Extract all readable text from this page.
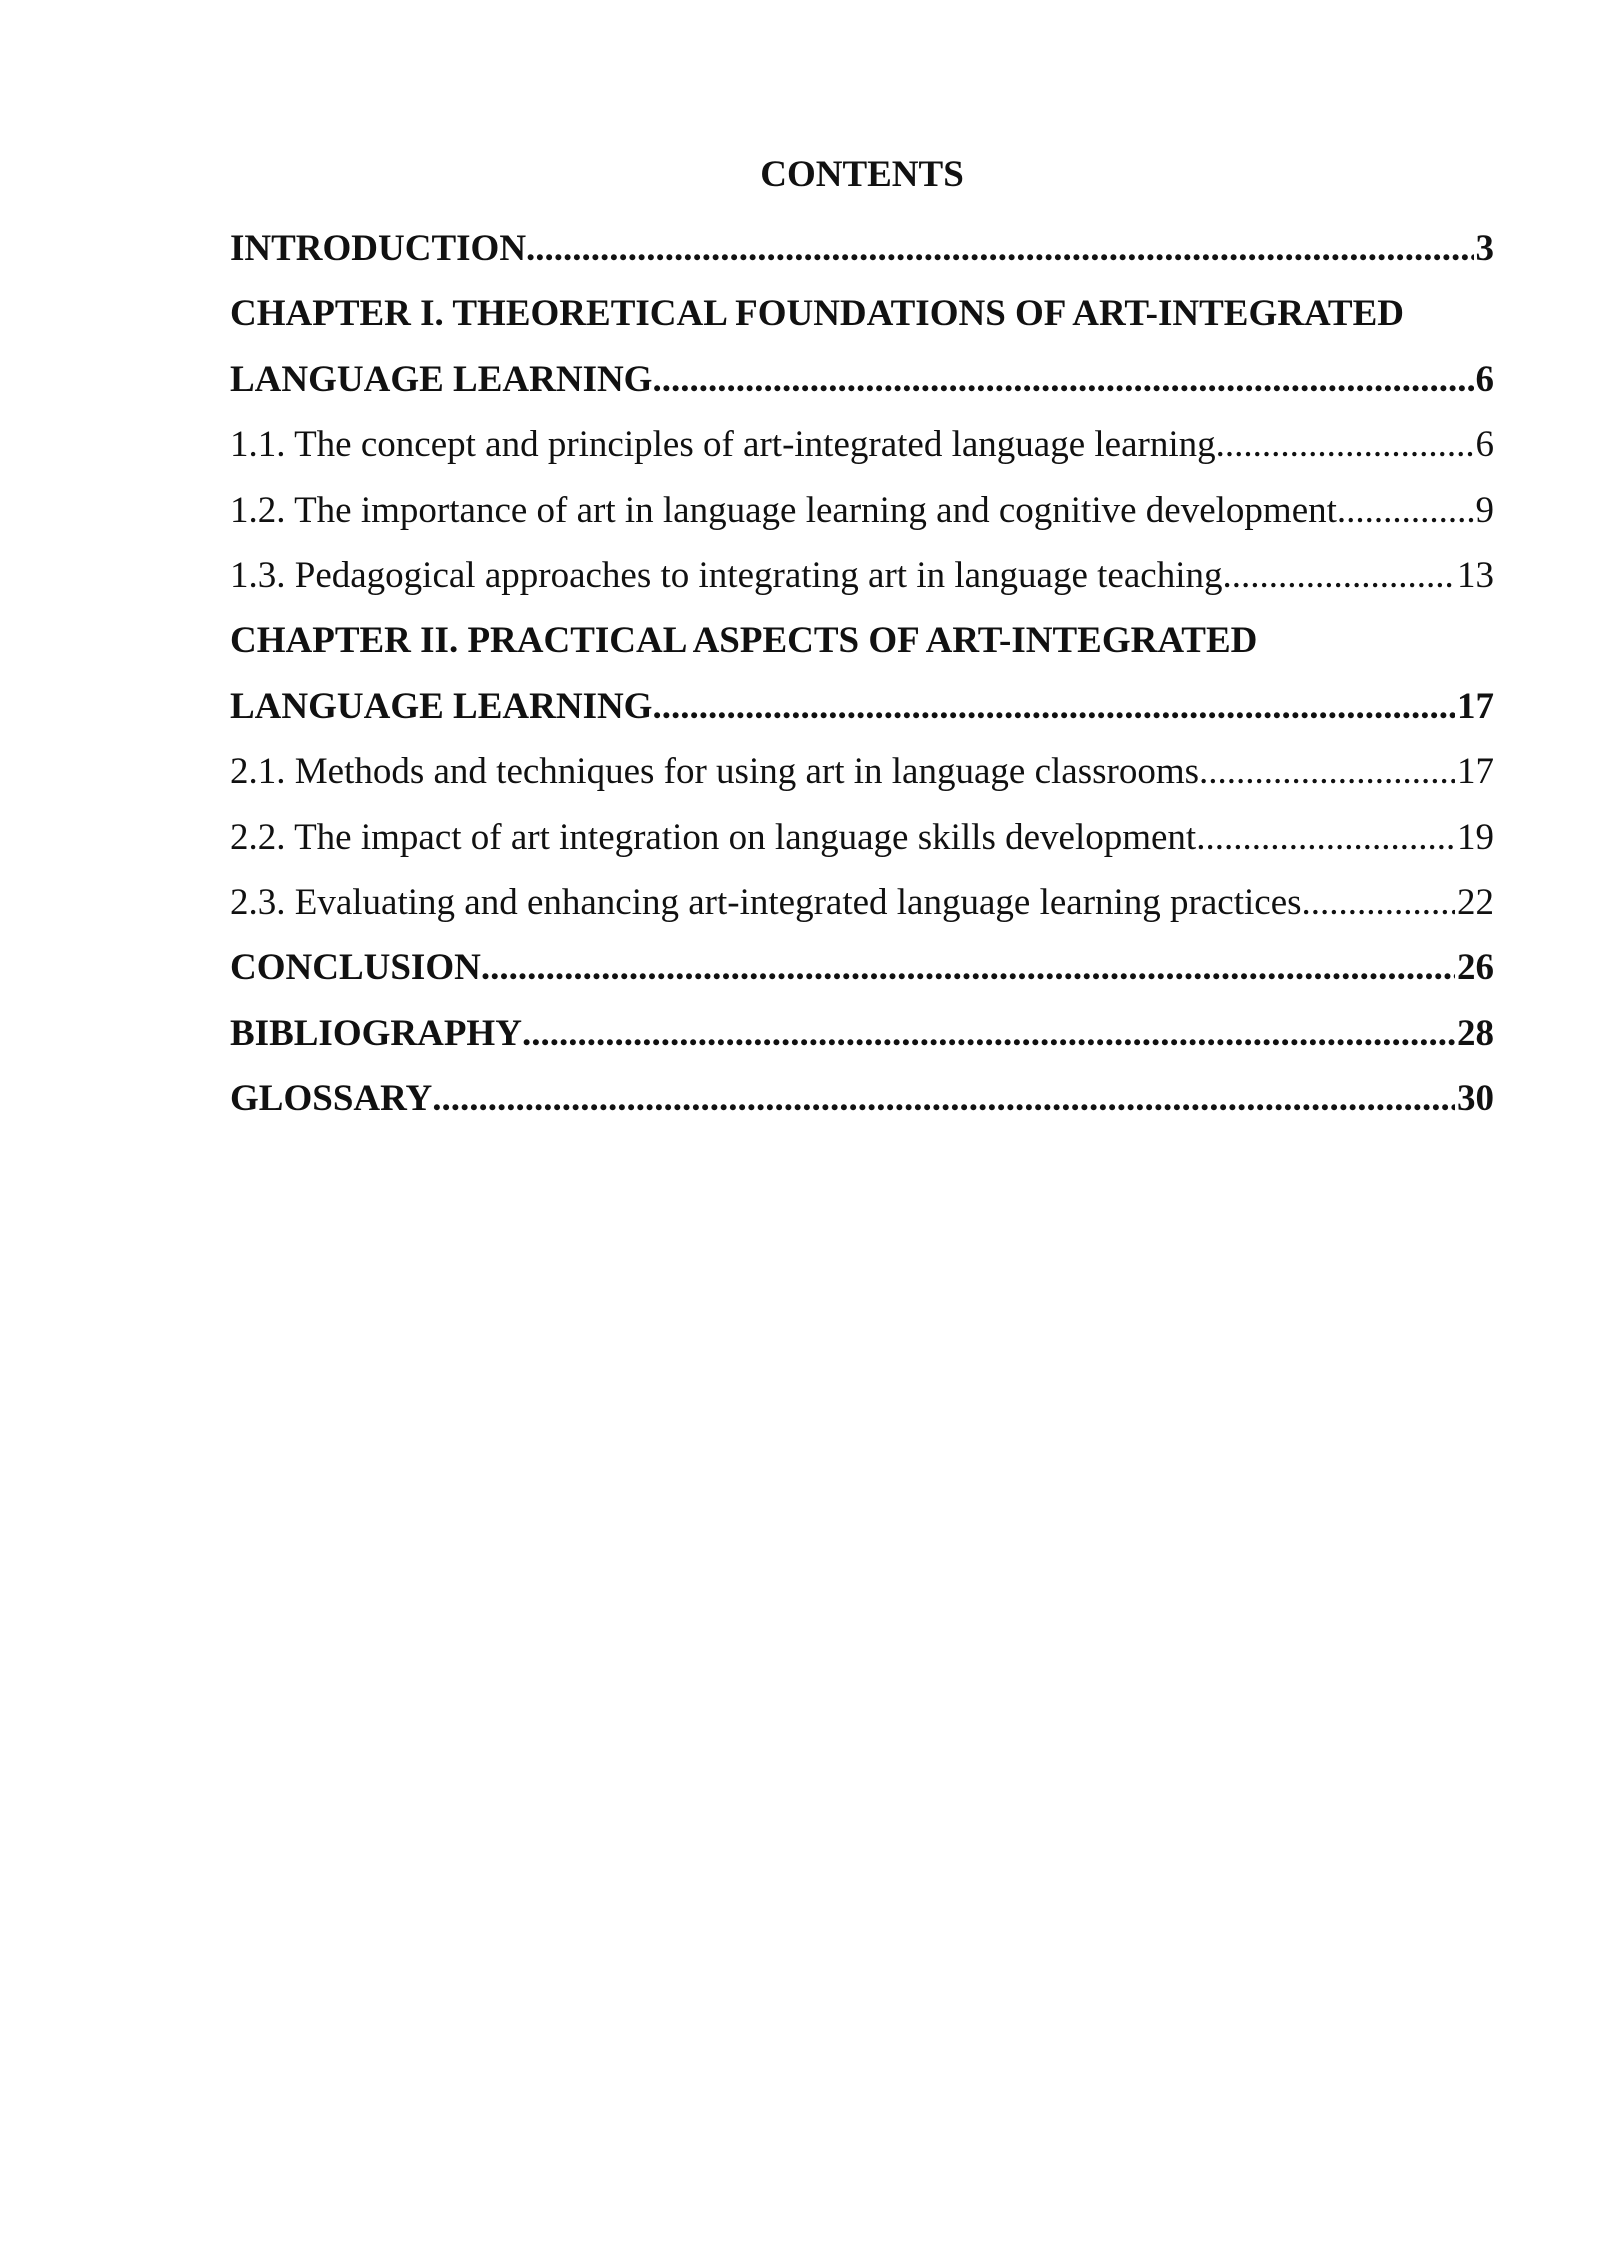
CONTENTS
INTRODUCTION .....	3
CHAPTER I. THEORETICAL FOUNDATIONS OF ART-INTEGRATED
LANGUAGE LEARNING .....	6
1.1. The concept and principles of art-integrated language learning .....	6
1.2. The importance of art in language learning and cognitive development .....	9
1.3. Pedagogical approaches to integrating art in language teaching .....	13
CHAPTER II. PRACTICAL ASPECTS OF ART-INTEGRATED
LANGUAGE LEARNING .....	17
2.1. Methods and techniques for using art in language classrooms .....	17
2.2. The impact of art integration on language skills development .....	19
2.3. Evaluating and enhancing art-integrated language learning practices .....	22
CONCLUSION .....	26
BIBLIOGRAPHY .....	28
GLOSSARY .....	30
